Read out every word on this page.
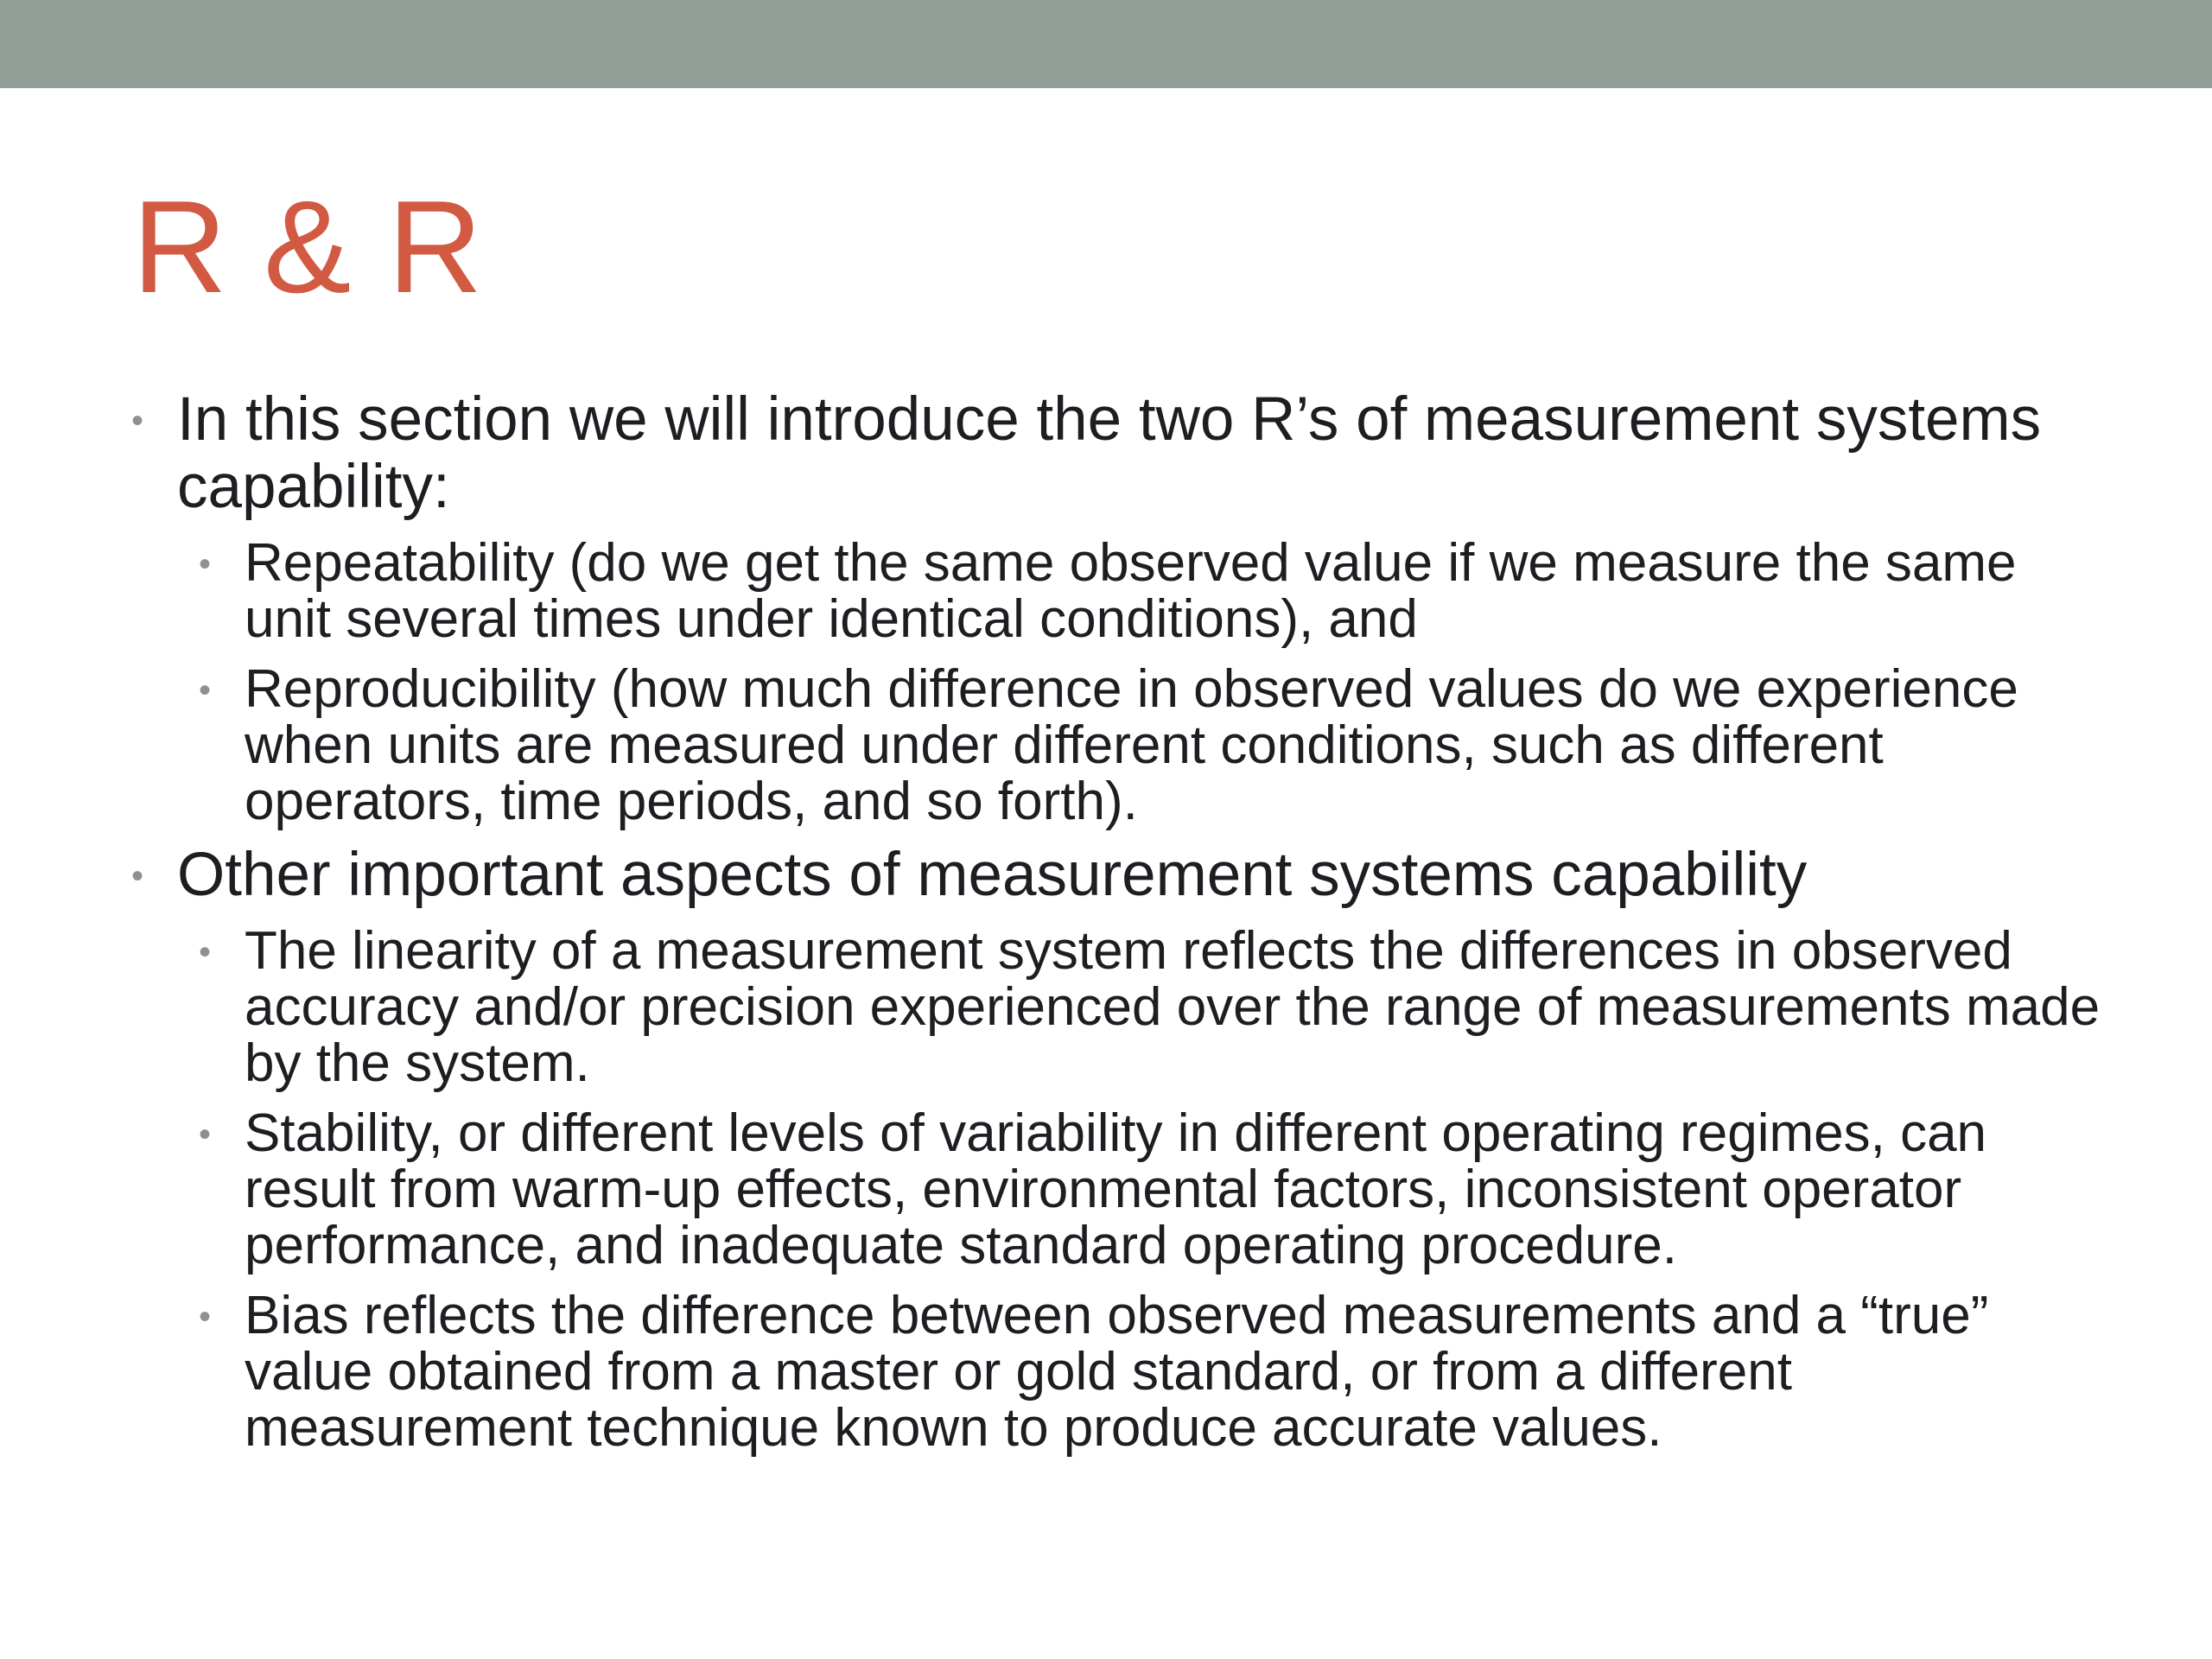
R & R
• In this section we will introduce the two R’s of measurement systems capability:
• Repeatability (do we get the same observed value if we measure the same unit several times under identical conditions), and
• Reproducibility (how much difference in observed values do we experience when units are measured under different conditions, such as different operators, time periods, and so forth).
• Other important aspects of measurement systems capability
• The linearity of a measurement system reflects the differences in observed accuracy and/or precision experienced over the range of measurements made by the system.
• Stability, or different levels of variability in different operating regimes, can result from warm-up effects, environmental factors, inconsistent operator performance, and inadequate standard operating procedure.
• Bias reflects the difference between observed measurements and a “true” value obtained from a master or gold standard, or from a different measurement technique known to produce accurate values.
